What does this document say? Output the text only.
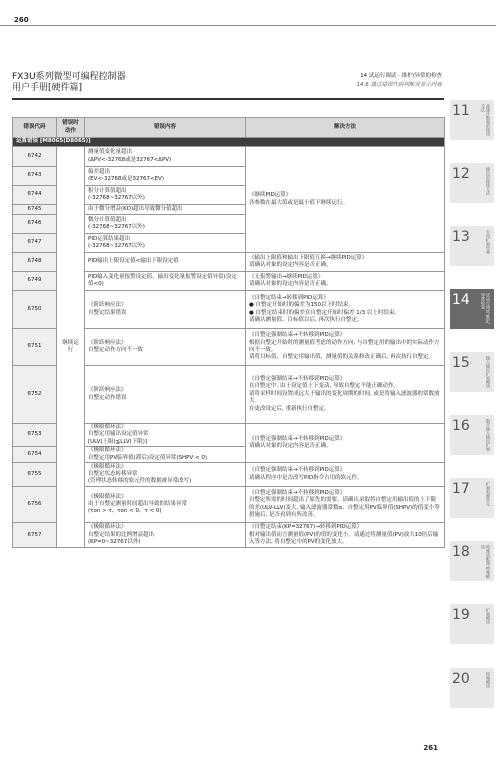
260
FX3U系列微型可编程控制器
用户手册[硬件篇]
14 试运行调试 · 维护/异常的检查
14.6 通过错误代码判断及显示内容
错误代码	错误时动作	错误内容	解决方法
运算错误 [M8065(D8065)]			
6742	继续运行	测量值变化量超出
(ΔPV<-32768或是32767<ΔPV)	《继续PID运算》
各参数在最大值或是最小值下继续运行。
6743		偏差超出
(EV<-32768或是32767<EV)	
6744		积分计算值超出
(-32768~32767以外)	
6745		由于微分增益(KD)超出导致微分值超出	
6746		微分计算值超出
(-32768~32767以外)	
6747		PID运算结果超出
(-32768~32767以外)	
6748		PID输出上限设定值<输出下限设定值	《输出上限值和输出下限值互换→继续PID运算》
请确认对象的设定内容是否正确。
6749		PID输入变化量报警设定值、输出变化量报警设定值异常(设定值<0)	《无报警输出→继续PID运算》
请确认对象的设定内容是否正确。
6750		《阶跃响应法》
自整定结果错误	《自整定结束→转移到PID运算》
● 自整定开始时的偏差为150以下时结束。
● 自整定结束时的偏差在自整定开始时偏差 1/3 以上时结束。
请确认测量值、目标值以后, 再次执行自整定。
6751		《阶跃响应法》
自整定动作方向不一致	《自整定强制结束→不转移到PID运算》
根据自整定开始时的测量值考虑的动作方向, 与自整定用的输出中的实际动作方向不一致。
请将目标值、自整定用输出值、测量值的关系修改正确后, 再次执行自整定。
6752		《阶跃响应法》
自整定动作错误	《自整定强制结束→不转移到PID运算》
在自整定中, 由于设定值上下变动, 导致自整定不能正确动作。
请将采样时间设置成远大于输出的变化周期的时间, 或是将输入滤波器的常数放大。
在更改设定后, 重新执行自整定。
6753		《极限循环法》
自整定用输出设定值异常
[ULV(上限)≦LLV(下限)]	《自整定强制结束→不转移到PID运算》
请确认对象的设定内容是否正确。
6754		《极限循环法》
自整定用PV临界值(滞后)设定值异常(SHPV < 0)	
6755		《极限循环法》
自整定状态转移异常
(管理状态转移的软元件的数据被异常改写)	《自整定强制结束→不转移到PID运算》
请确认程序中是否改写PID指令占用的软元件。
6756		《极限循环法》
由于自整定测量时间超出导致的结果异常
(τon > τ、τon < 0、τ < 0)	《自整定强制结束→不转移到PID运算》
自整定所需的时间超出了原先的需要。请确认采取将自整定用输出值的上下限的差(ULV-LLV)变大, 输入滤波器常数α、自整定用PV临界值(SHPV)的值变小等措施后, 是否看到有所改善。
6757		《极限循环法》
自整定结果的比例增益超出
(KP=0~32767以外)	《自整定结束(KP=32767)→转移到PID运算》
相对输出值而言测量值(PV)的值的变化小。请通过将测量值(PV)放大10倍后输入等方法, 将自整定中的PV的变化放大。
11	高速计数器的使用方法
12	输出的接线方法
13	专用扩展设备
14	试运行调试·维护/异常检查
15	输入输出扩展模块
16	数字输入输出扩展
17	扩展电源单元
18	特殊适配器·特殊模块
19	扩展模块
20	终端模块
261
